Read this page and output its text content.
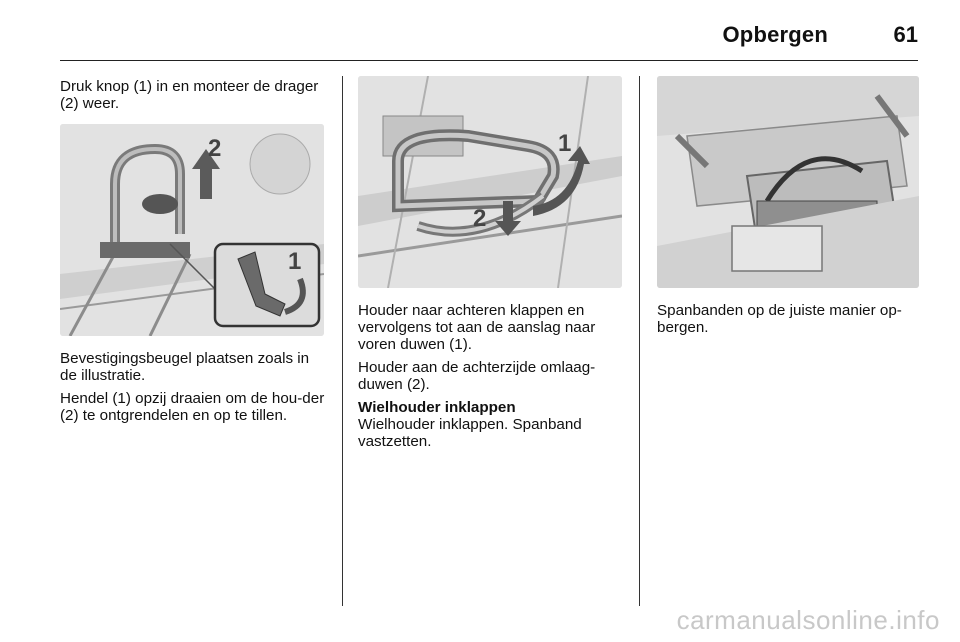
Opbergen	61

Druk knop (1) in en monteer de drager (2) weer.

2
1

Bevestigingsbeugel plaatsen zoals in de illustratie.

Hendel (1) opzij draaien om de hou-der (2) te ontgrendelen en op te tillen.

1
2

Houder naar achteren klappen en vervolgens tot aan de aanslag naar voren duwen (1).

Houder aan de achterzijde omlaag-duwen (2).

Wielhouder inklappen

Wielhouder inklappen. Spanband vastzetten.

Spanbanden op de juiste manier op-bergen.

carmanualsonline.info
